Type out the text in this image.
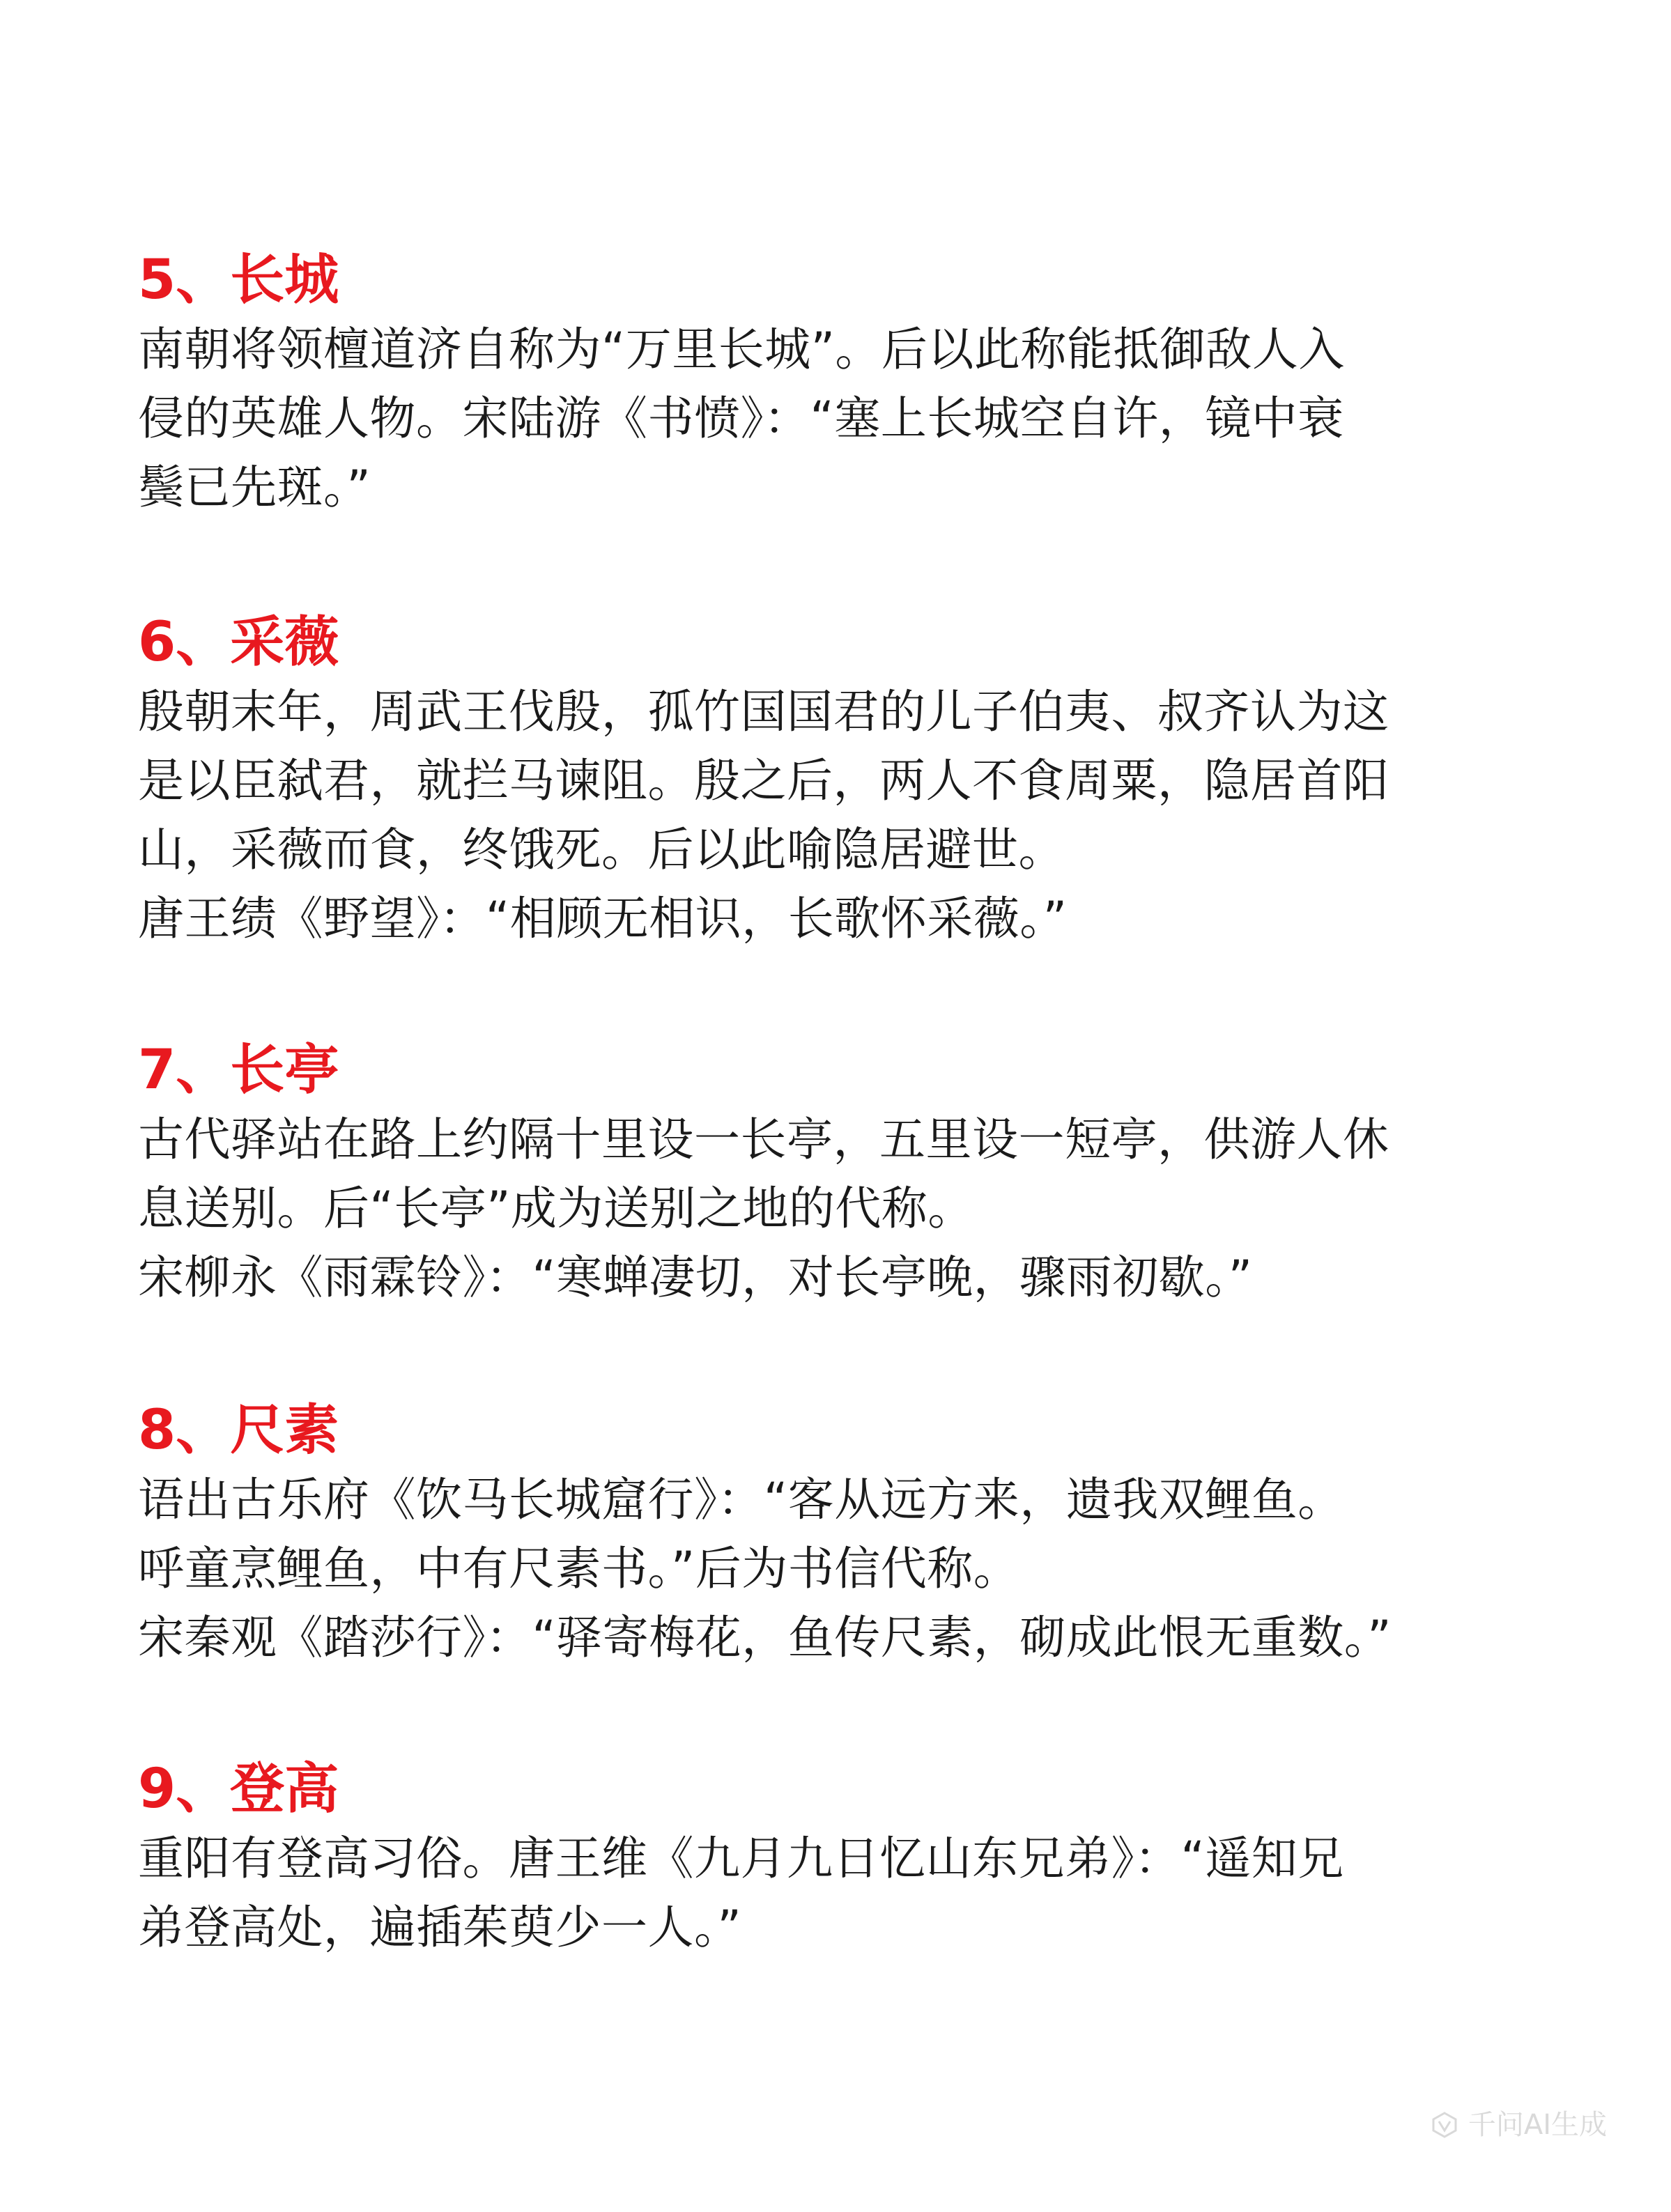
5、长城
南朝将领檀道济自称为“万里长城”。后以此称能抵御敌人入
侵的英雄人物。宋陆游《书愤》：“塞上长城空自许，镜中衰
鬓已先斑。”
6、采薇
殷朝末年，周武王伐殷，孤竹国国君的儿子伯夷、叔齐认为这
是以臣弑君，就拦马谏阻。殷之后，两人不食周粟，隐居首阳
山，采薇而食，终饿死。后以此喻隐居避世。
唐王绩《野望》：“相顾无相识，长歌怀采薇。”
7、长亭
古代驿站在路上约隔十里设一长亭，五里设一短亭，供游人休
息送别。后“长亭”成为送别之地的代称。
宋柳永《雨霖铃》：“寒蝉凄切，对长亭晚，骤雨初歇。”
8、尺素
语出古乐府《饮马长城窟行》：“客从远方来，遗我双鲤鱼。
呼童烹鲤鱼，中有尺素书。”后为书信代称。
宋秦观《踏莎行》：“驿寄梅花，鱼传尺素，砌成此恨无重数。”
9、登高
重阳有登高习俗。唐王维《九月九日忆山东兄弟》：“遥知兄
弟登高处，遍插茱萸少一人。”
千问AI生成
